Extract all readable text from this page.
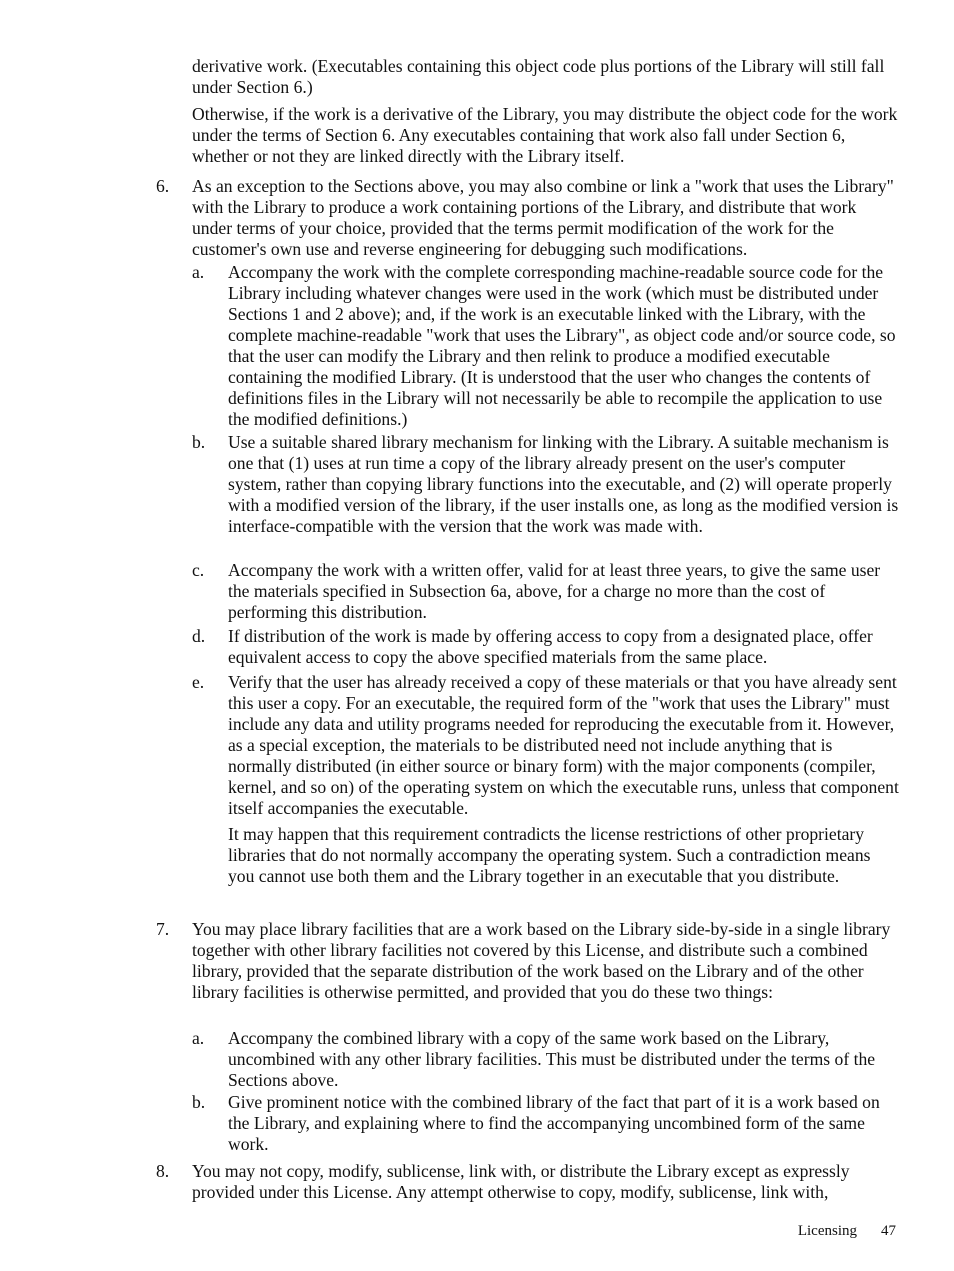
derivative work. (Executables containing this object code plus portions of the Library will still fall under Section 6.)

Otherwise, if the work is a derivative of the Library, you may distribute the object code for the work under the terms of Section 6. Any executables containing that work also fall under Section 6, whether or not they are linked directly with the Library itself.

6. As an exception to the Sections above, you may also combine or link a "work that uses the Library" with the Library to produce a work containing portions of the Library, and distribute that work under terms of your choice, provided that the terms permit modification of the work for the customer's own use and reverse engineering for debugging such modifications.
a. Accompany the work with the complete corresponding machine-readable source code for the Library including whatever changes were used in the work (which must be distributed under Sections 1 and 2 above); and, if the work is an executable linked with the Library, with the complete machine-readable "work that uses the Library", as object code and/or source code, so that the user can modify the Library and then relink to produce a modified executable containing the modified Library. (It is understood that the user who changes the contents of definitions files in the Library will not necessarily be able to recompile the application to use the modified definitions.)
b. Use a suitable shared library mechanism for linking with the Library. A suitable mechanism is one that (1) uses at run time a copy of the library already present on the user's computer system, rather than copying library functions into the executable, and (2) will operate properly with a modified version of the library, if the user installs one, as long as the modified version is interface-compatible with the version that the work was made with.
c. Accompany the work with a written offer, valid for at least three years, to give the same user the materials specified in Subsection 6a, above, for a charge no more than the cost of performing this distribution.
d. If distribution of the work is made by offering access to copy from a designated place, offer equivalent access to copy the above specified materials from the same place.
e. Verify that the user has already received a copy of these materials or that you have already sent this user a copy. For an executable, the required form of the "work that uses the Library" must include any data and utility programs needed for reproducing the executable from it. However, as a special exception, the materials to be distributed need not include anything that is normally distributed (in either source or binary form) with the major components (compiler, kernel, and so on) of the operating system on which the executable runs, unless that component itself accompanies the executable.
It may happen that this requirement contradicts the license restrictions of other proprietary libraries that do not normally accompany the operating system. Such a contradiction means you cannot use both them and the Library together in an executable that you distribute.
7. You may place library facilities that are a work based on the Library side-by-side in a single library together with other library facilities not covered by this License, and distribute such a combined library, provided that the separate distribution of the work based on the Library and of the other library facilities is otherwise permitted, and provided that you do these two things:
a. Accompany the combined library with a copy of the same work based on the Library, uncombined with any other library facilities. This must be distributed under the terms of the Sections above.
b. Give prominent notice with the combined library of the fact that part of it is a work based on the Library, and explaining where to find the accompanying uncombined form of the same work.
8. You may not copy, modify, sublicense, link with, or distribute the Library except as expressly provided under this License. Any attempt otherwise to copy, modify, sublicense, link with,
Licensing 47
